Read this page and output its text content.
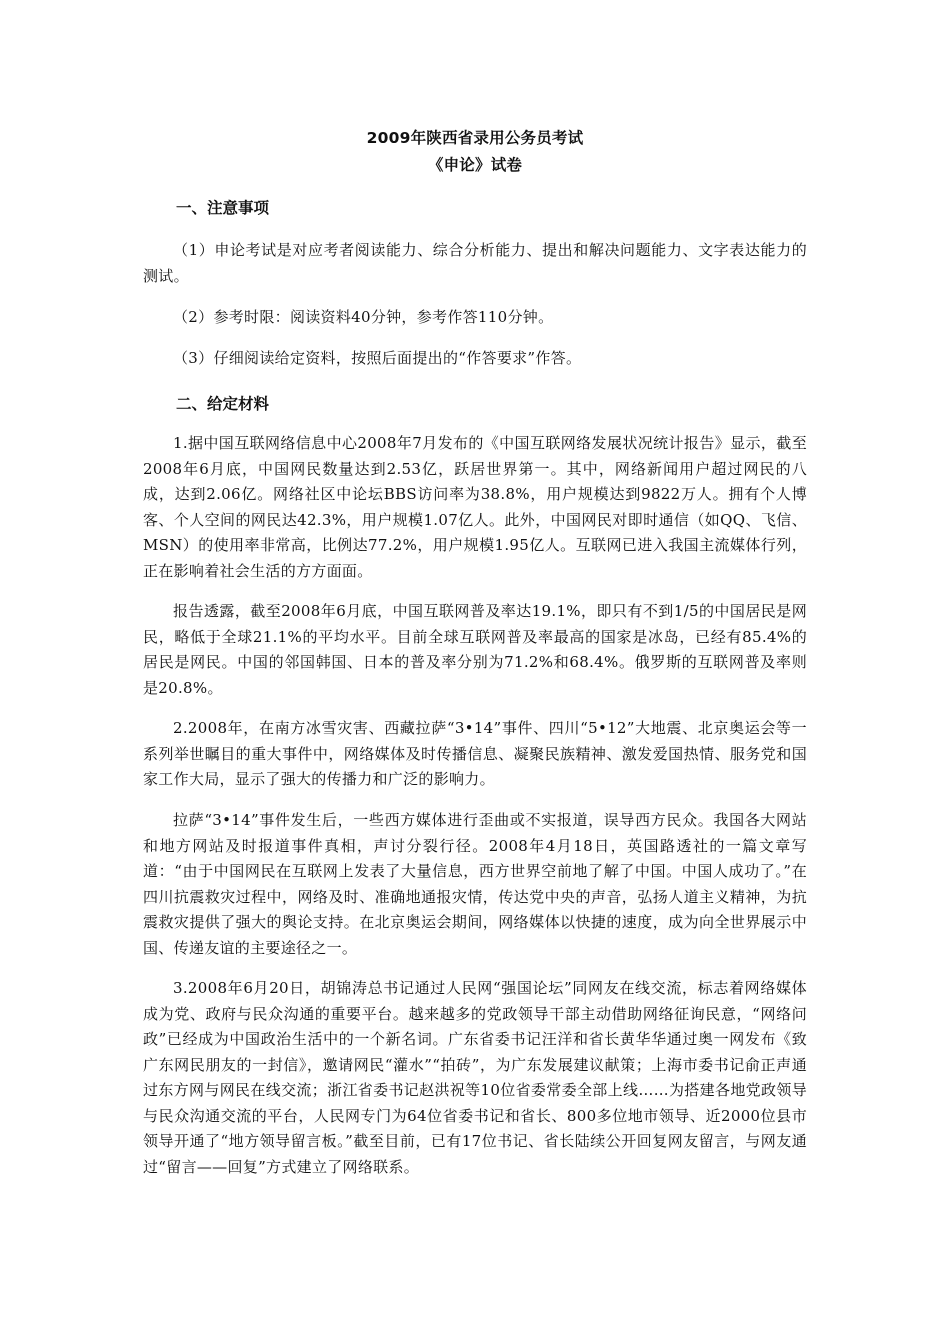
2009年陕西省录用公务员考试
《申论》试卷
一、注意事项
（1）申论考试是对应考者阅读能力、综合分析能力、提出和解决问题能力、文字表达能力的测试。
（2）参考时限：阅读资料40分钟，参考作答110分钟。
（3）仔细阅读给定资料，按照后面提出的“作答要求”作答。
二、给定材料
1.据中国互联网络信息中心2008年7月发布的《中国互联网络发展状况统计报告》显示，截至2008年6月底，中国网民数量达到2.53亿，跃居世界第一。其中，网络新闻用户超过网民的八成，达到2.06亿。网络社区中论坛BBS访问率为38.8%，用户规模达到9822万人。拥有个人博客、个人空间的网民达42.3%，用户规模1.07亿人。此外，中国网民对即时通信（如QQ、飞信、MSN）的使用率非常高，比例达77.2%，用户规模1.95亿人。互联网已进入我国主流媒体行列，正在影响着社会生活的方方面面。
报告透露，截至2008年6月底，中国互联网普及率达19.1%，即只有不到1/5的中国居民是网民，略低于全球21.1%的平均水平。目前全球互联网普及率最高的国家是冰岛，已经有85.4%的居民是网民。中国的邻国韩国、日本的普及率分别为71.2%和68.4%。俄罗斯的互联网普及率则是20.8%。
2.2008年，在南方冰雪灾害、西藏拉萨“3•14”事件、四川“5•12”大地震、北京奥运会等一系列举世瞩目的重大事件中，网络媒体及时传播信息、凝聚民族精神、激发爱国热情、服务党和国家工作大局，显示了强大的传播力和广泛的影响力。
拉萨“3•14”事件发生后，一些西方媒体进行歪曲或不实报道，误导西方民众。我国各大网站和地方网站及时报道事件真相，声讨分裂行径。2008年4月18日，英国路透社的一篇文章写道：“由于中国网民在互联网上发表了大量信息，西方世界空前地了解了中国。中国人成功了。”在四川抗震救灾过程中，网络及时、准确地通报灾情，传达党中央的声音，弘扬人道主义精神，为抗震救灾提供了强大的舆论支持。在北京奥运会期间，网络媒体以快捷的速度，成为向全世界展示中国、传递友谊的主要途径之一。
3.2008年6月20日，胡锦涛总书记通过人民网“强国论坛”同网友在线交流，标志着网络媒体成为党、政府与民众沟通的重要平台。越来越多的党政领导干部主动借助网络征询民意，“网络问政”已经成为中国政治生活中的一个新名词。广东省委书记汪洋和省长黄华华通过奥一网发布《致广东网民朋友的一封信》，邀请网民“灌水”“拍砖”，为广东发展建议献策；上海市委书记俞正声通过东方网与网民在线交流；浙江省委书记赵洪祝等10位省委常委全部上线……为搭建各地党政领导与民众沟通交流的平台，人民网专门为64位省委书记和省长、800多位地市领导、近2000位县市领导开通了“地方领导留言板。”截至目前，已有17位书记、省长陆续公开回复网友留言，与网友通过“留言——回复”方式建立了网络联系。
